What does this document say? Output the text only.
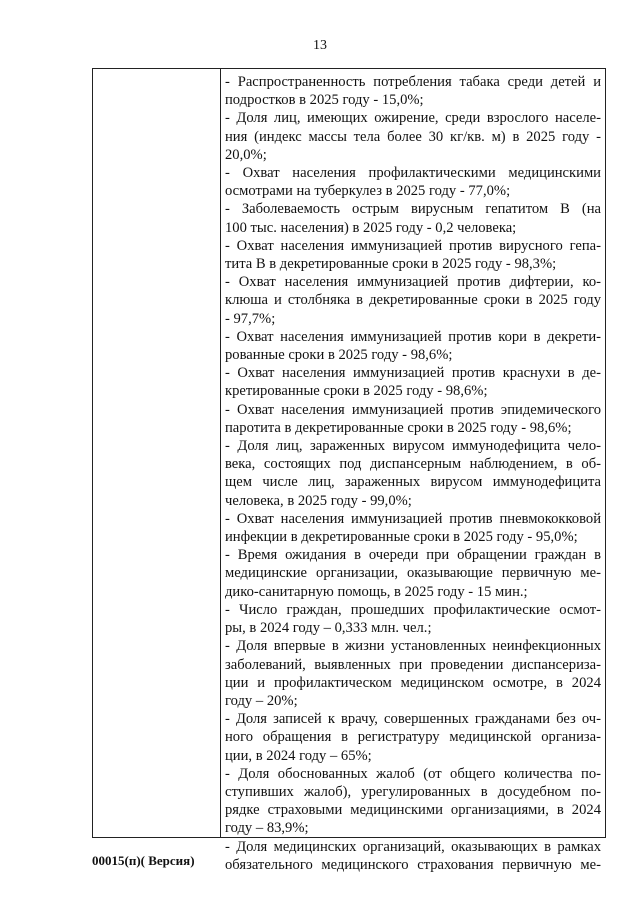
13
- Распространенность потребления табака среди детей и
подростков в 2025 году - 15,0%;
- Доля лиц, имеющих ожирение, среди взрослого населе-
ния (индекс массы тела более 30 кг/кв. м) в 2025 году -
20,0%;
- Охват населения профилактическими медицинскими
осмотрами на туберкулез в 2025 году - 77,0%;
- Заболеваемость острым вирусным гепатитом В (на
100 тыс. населения) в 2025 году - 0,2 человека;
- Охват населения иммунизацией против вирусного гепа-
тита В в декретированные сроки в 2025 году - 98,3%;
- Охват населения иммунизацией против дифтерии, ко-
клюша и столбняка в декретированные сроки в 2025 году
- 97,7%;
- Охват населения иммунизацией против кори в декрети-
рованные сроки в 2025 году - 98,6%;
- Охват населения иммунизацией против краснухи в де-
кретированные сроки в 2025 году - 98,6%;
- Охват населения иммунизацией против эпидемического
паротита в декретированные сроки в 2025 году - 98,6%;
- Доля лиц, зараженных вирусом иммунодефицита чело-
века, состоящих под диспансерным наблюдением, в об-
щем числе лиц, зараженных вирусом иммунодефицита
человека, в 2025 году - 99,0%;
- Охват населения иммунизацией против пневмококковой
инфекции в декретированные сроки в 2025 году - 95,0%;
- Время ожидания в очереди при обращении граждан в
медицинские организации, оказывающие первичную ме-
дико-санитарную помощь, в 2025 году - 15 мин.;
- Число граждан, прошедших профилактические осмот-
ры, в 2024 году – 0,333 млн. чел.;
- Доля впервые в жизни установленных неинфекционных
заболеваний, выявленных при проведении диспансеризa-
ции и профилактическом медицинском осмотре, в 2024
году – 20%;
- Доля записей к врачу, совершенных гражданами без оч-
ного обращения в регистратуру медицинской организа-
ции, в 2024 году – 65%;
- Доля обоснованных жалоб (от общего количества по-
ступивших жалоб), урегулированных в досудебном по-
рядке страховыми медицинскими организациями, в 2024
году – 83,9%;
- Доля медицинских организаций, оказывающих в рамках
обязательного медицинского страхования первичную ме-
00015(п)( Версия)
